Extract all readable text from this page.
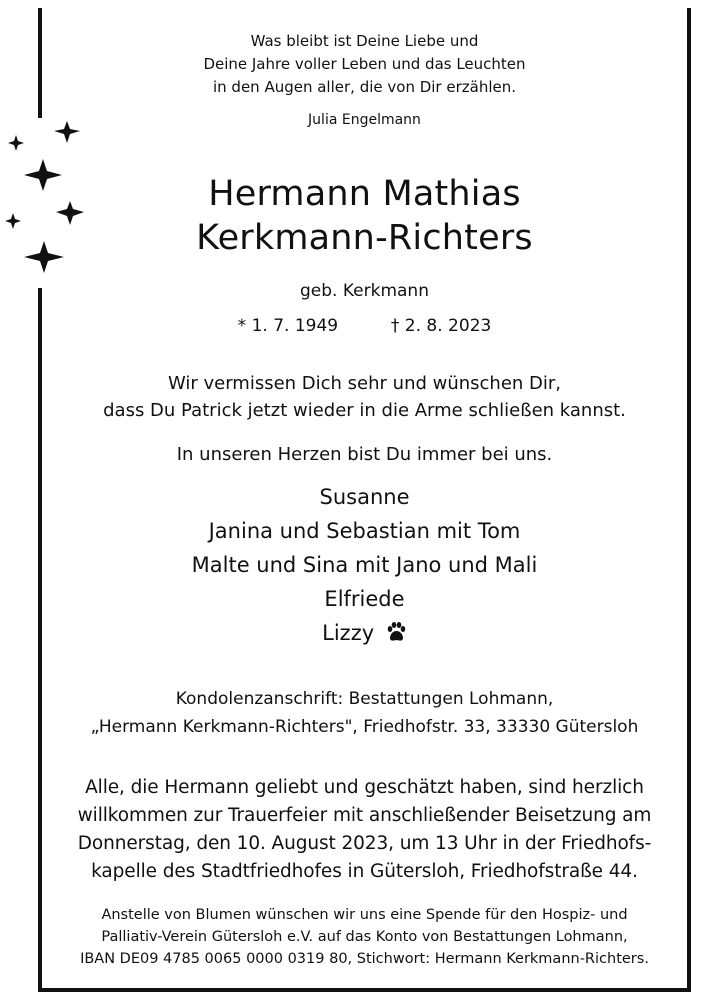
Was bleibt ist Deine Liebe und
Deine Jahre voller Leben und das Leuchten
in den Augen aller, die von Dir erzählen.
Julia Engelmann
Hermann Mathias
Kerkmann-Richters
geb. Kerkmann
* 1. 7. 1949	† 2. 8. 2023
Wir vermissen Dich sehr und wünschen Dir,
dass Du Patrick jetzt wieder in die Arme schließen kannst.
In unseren Herzen bist Du immer bei uns.
Susanne
Janina und Sebastian mit Tom
Malte und Sina mit Jano und Mali
Elfriede
Lizzy
Kondolenzanschrift: Bestattungen Lohmann,
„Hermann Kerkmann-Richters", Friedhofstr. 33, 33330 Gütersloh
Alle, die Hermann geliebt und geschätzt haben, sind herzlich
willkommen zur Trauerfeier mit anschließender Beisetzung am
Donnerstag, den 10. August 2023, um 13 Uhr in der Friedhofs-
kapelle des Stadtfriedhofes in Gütersloh, Friedhofstraße 44.
Anstelle von Blumen wünschen wir uns eine Spende für den Hospiz- und
Palliativ-Verein Gütersloh e.V. auf das Konto von Bestattungen Lohmann,
IBAN DE09 4785 0065 0000 0319 80, Stichwort: Hermann Kerkmann-Richters.
